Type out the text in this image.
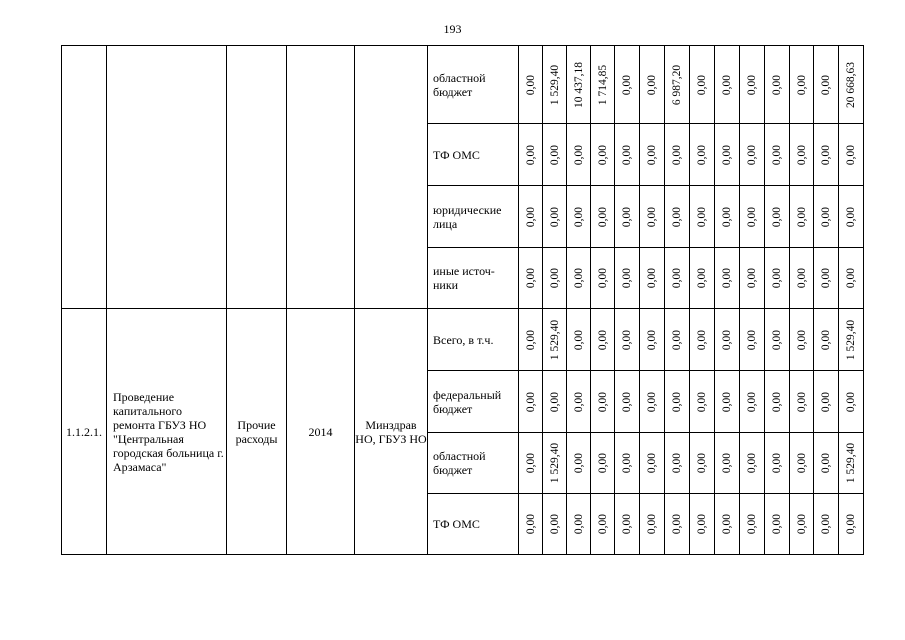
193
					областной бюджет	0,00	1 529,40	10 437,18	1 714,85	0,00	0,00	6 987,20	0,00	0,00	0,00	0,00	0,00	0,00	20 668,63

					ТФ ОМС	0,00	0,00	0,00	0,00	0,00	0,00	0,00	0,00	0,00	0,00	0,00	0,00	0,00	0,00

					юридические лица	0,00	0,00	0,00	0,00	0,00	0,00	0,00	0,00	0,00	0,00	0,00	0,00	0,00	0,00

					иные источ-ники	0,00	0,00	0,00	0,00	0,00	0,00	0,00	0,00	0,00	0,00	0,00	0,00	0,00	0,00

1.1.2.1.	Проведение капитального ремонта ГБУЗ НО "Центральная городская больница г. Арзамаса"	Прочие расходы	2014	Минздрав НО, ГБУЗ НО	Всего, в т.ч.	0,00	1 529,40	0,00	0,00	0,00	0,00	0,00	0,00	0,00	0,00	0,00	0,00	0,00	1 529,40

					федеральный бюджет	0,00	0,00	0,00	0,00	0,00	0,00	0,00	0,00	0,00	0,00	0,00	0,00	0,00	0,00

					областной бюджет	0,00	1 529,40	0,00	0,00	0,00	0,00	0,00	0,00	0,00	0,00	0,00	0,00	0,00	1 529,40

					ТФ ОМС	0,00	0,00	0,00	0,00	0,00	0,00	0,00	0,00	0,00	0,00	0,00	0,00	0,00	0,00
